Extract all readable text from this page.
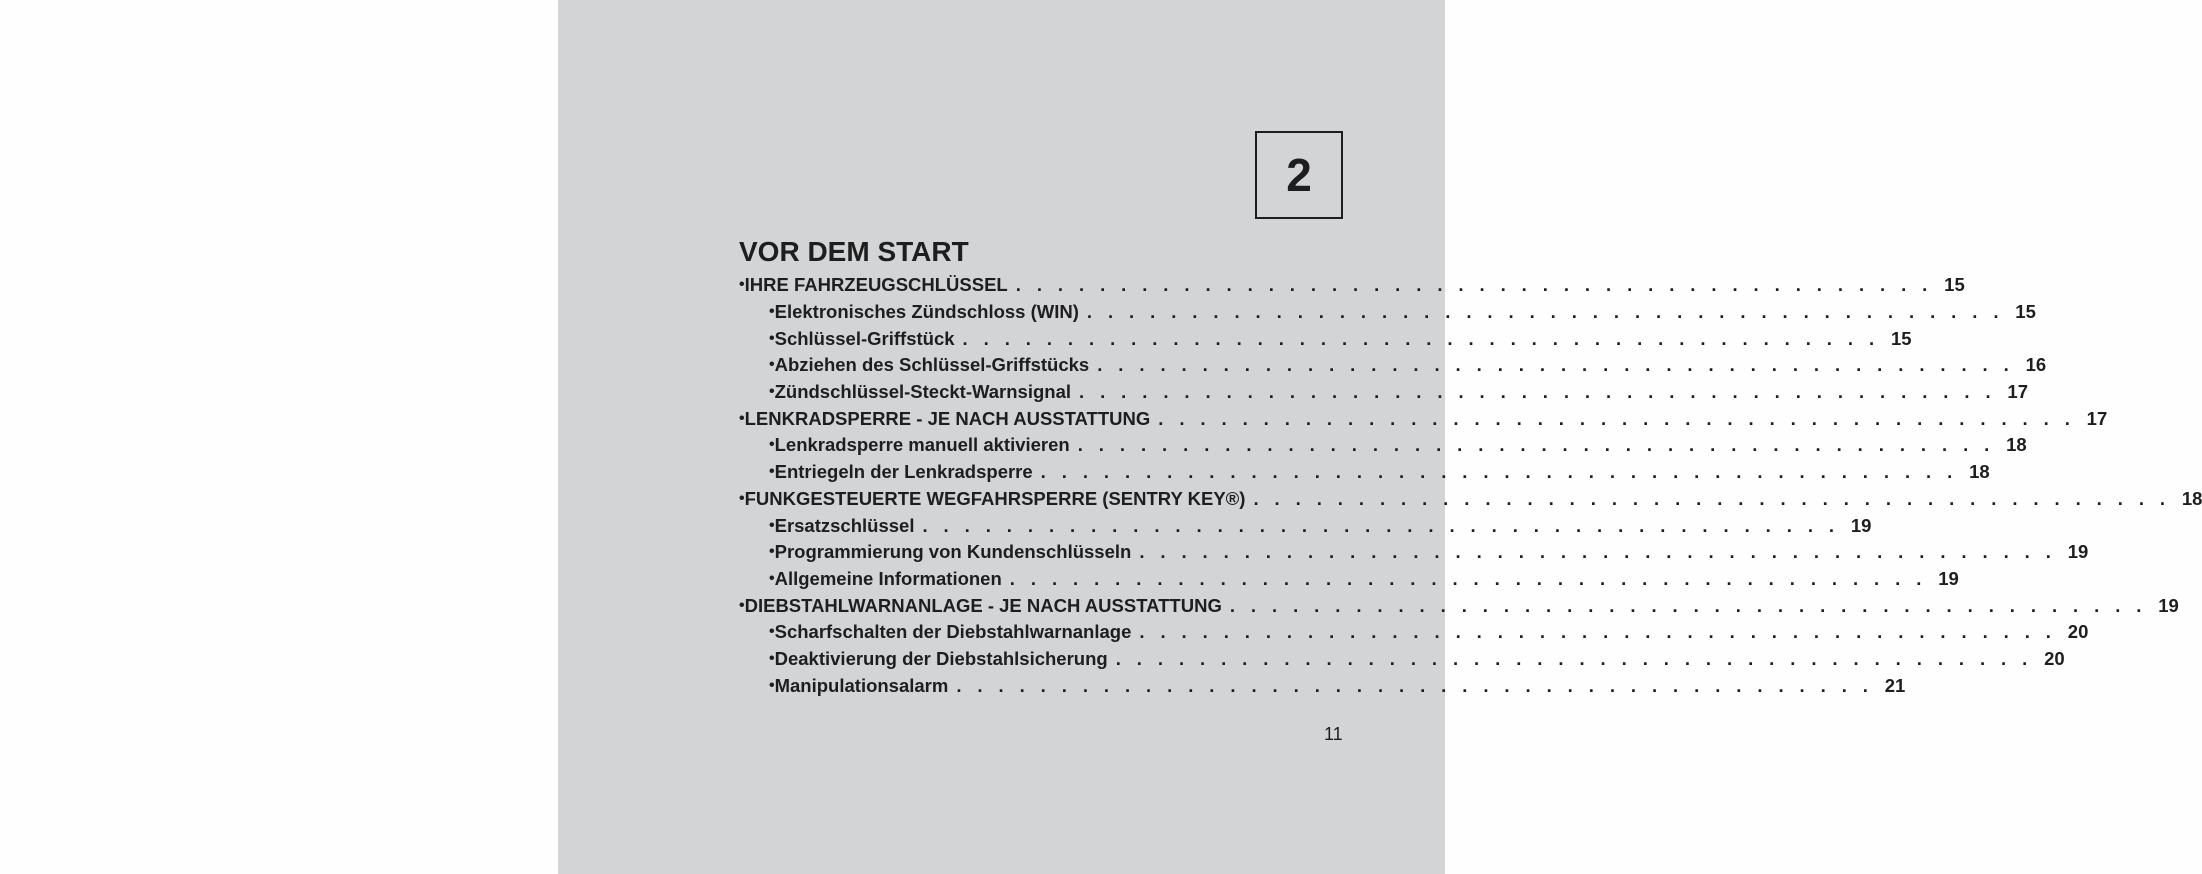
2
VOR DEM START
• IHRE FAHRZEUGSCHLÜSSEL . . . . . . . . . . . . . . . . . . . . . . . . . . . . . . . . . . . . . . . . . . . . 15
• Elektronisches Zündschloss (WIN) . . . . . . . . . . . . . . . . . . . . . . . . . . . . . . . . . . . . . . . . . . . . 15
• Schlüssel-Griffstück . . . . . . . . . . . . . . . . . . . . . . . . . . . . . . . . . . . . . . . . . . . . 15
• Abziehen des Schlüssel-Griffstücks . . . . . . . . . . . . . . . . . . . . . . . . . . . . . . . . . . . . . . . . . . . . 16
• Zündschlüssel-Steckt-Warnsignal . . . . . . . . . . . . . . . . . . . . . . . . . . . . . . . . . . . . . . . . . . . . 17
• LENKRADSPERRE - JE NACH AUSSTATTUNG . . . . . . . . . . . . . . . . . . . . . . . . . . . . . . . . . . . . . . . . . . . . 17
• Lenkradsperre manuell aktivieren . . . . . . . . . . . . . . . . . . . . . . . . . . . . . . . . . . . . . . . . . . . . 18
• Entriegeln der Lenkradsperre . . . . . . . . . . . . . . . . . . . . . . . . . . . . . . . . . . . . . . . . . . . . 18
• FUNKGESTEUERTE WEGFAHRSPERRE (SENTRY KEY®) . . . . . . . . . . . . . . . . . . . . . . . . . . . . . . . . . . . . . . . . . . . . 18
• Ersatzschlüssel . . . . . . . . . . . . . . . . . . . . . . . . . . . . . . . . . . . . . . . . . . . . 19
• Programmierung von Kundenschlüsseln . . . . . . . . . . . . . . . . . . . . . . . . . . . . . . . . . . . . . . . . . . . . 19
• Allgemeine Informationen . . . . . . . . . . . . . . . . . . . . . . . . . . . . . . . . . . . . . . . . . . . . 19
• DIEBSTAHLWARNANLAGE - JE NACH AUSSTATTUNG . . . . . . . . . . . . . . . . . . . . . . . . . . . . . . . . . . . . . . . . . . . . 19
• Scharfschalten der Diebstahlwarnanlage . . . . . . . . . . . . . . . . . . . . . . . . . . . . . . . . . . . . . . . . . . . . 20
• Deaktivierung der Diebstahlsicherung . . . . . . . . . . . . . . . . . . . . . . . . . . . . . . . . . . . . . . . . . . . . 20
• Manipulationsalarm . . . . . . . . . . . . . . . . . . . . . . . . . . . . . . . . . . . . . . . . . . . . 21
11
